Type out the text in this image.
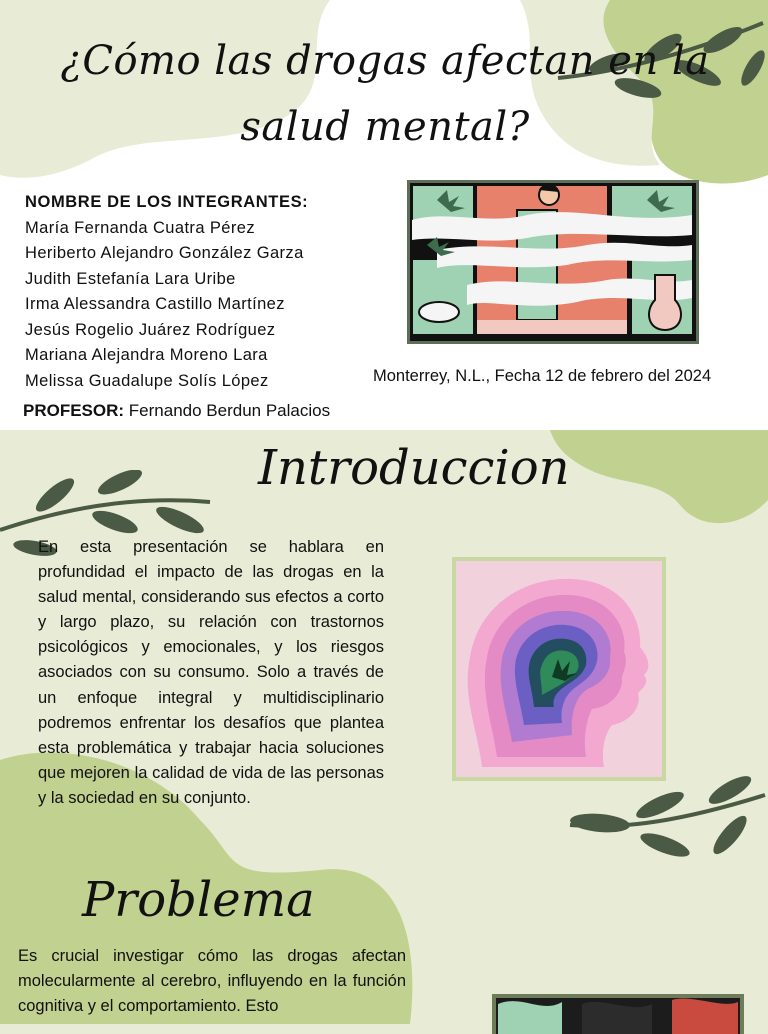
¿Cómo las drogas afectan en la salud mental?
NOMBRE DE LOS INTEGRANTES:
María Fernanda Cuatra Pérez
Heriberto Alejandro González Garza
Judith Estefanía Lara Uribe
Irma Alessandra Castillo Martínez
Jesús Rogelio Juárez Rodríguez
Mariana Alejandra Moreno Lara
Melissa Guadalupe Solís López
PROFESOR: Fernando Berdun Palacios
Monterrey, N.L., Fecha 12 de febrero del 2024
Introduccion

En esta presentación se hablara en profundidad el impacto de las drogas en la salud mental, considerando sus efectos a corto y largo plazo, su relación con trastornos psicológicos y emocionales, y los riesgos asociados con su consumo. Solo a través de un enfoque integral y multidisciplinario podremos enfrentar los desafíos que plantea esta problemática y trabajar hacia soluciones que mejoren la calidad de vida de las personas y la sociedad en su conjunto.

Problema

Es crucial investigar cómo las drogas afectan molecularmente al cerebro, influyendo en la función cognitiva y el comportamiento. Esto
